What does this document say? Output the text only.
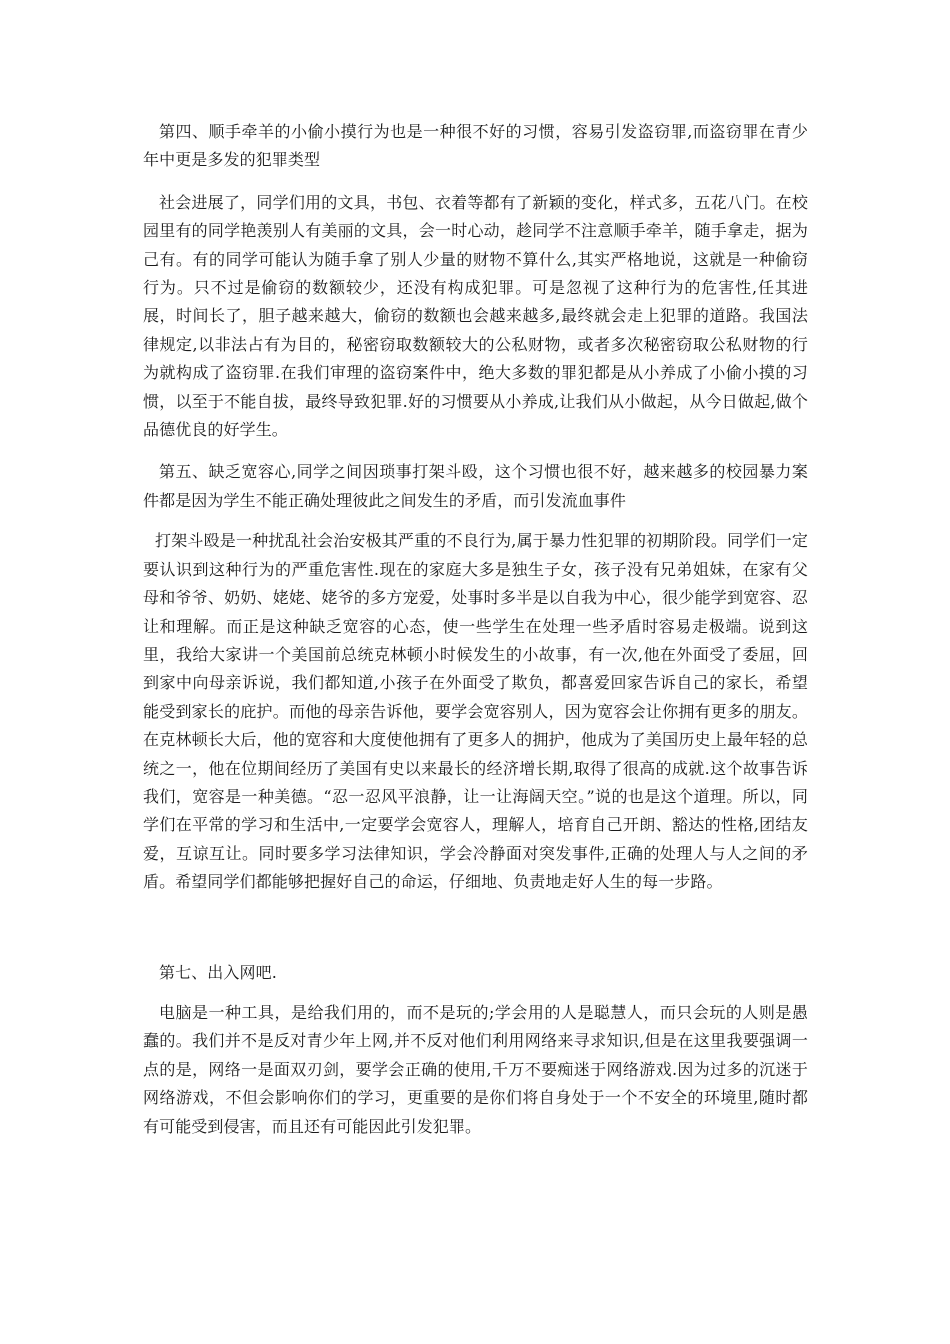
第四、顺手牵羊的小偷小摸行为也是一种很不好的习惯，容易引发盗窃罪,而盗窃罪在青少年中更是多发的犯罪类型

社会进展了，同学们用的文具，书包、衣着等都有了新颖的变化，样式多，五花八门。在校园里有的同学艳羡别人有美丽的文具，会一时心动，趁同学不注意顺手牵羊，随手拿走，据为己有。有的同学可能认为随手拿了别人少量的财物不算什么,其实严格地说，这就是一种偷窃行为。只不过是偷窃的数额较少，还没有构成犯罪。可是忽视了这种行为的危害性,任其进展，时间长了，胆子越来越大，偷窃的数额也会越来越多,最终就会走上犯罪的道路。我国法律规定,以非法占有为目的，秘密窃取数额较大的公私财物，或者多次秘密窃取公私财物的行为就构成了盗窃罪.在我们审理的盗窃案件中，绝大多数的罪犯都是从小养成了小偷小摸的习惯，以至于不能自拔，最终导致犯罪.好的习惯要从小养成,让我们从小做起，从今日做起,做个品德优良的好学生。

第五、缺乏宽容心,同学之间因琐事打架斗殴，这个习惯也很不好，越来越多的校园暴力案件都是因为学生不能正确处理彼此之间发生的矛盾，而引发流血事件

打架斗殴是一种扰乱社会治安极其严重的不良行为,属于暴力性犯罪的初期阶段。同学们一定要认识到这种行为的严重危害性.现在的家庭大多是独生子女，孩子没有兄弟姐妹，在家有父母和爷爷、奶奶、姥姥、姥爷的多方宠爱，处事时多半是以自我为中心，很少能学到宽容、忍让和理解。而正是这种缺乏宽容的心态，使一些学生在处理一些矛盾时容易走极端。说到这里，我给大家讲一个美国前总统克林顿小时候发生的小故事，有一次,他在外面受了委屈，回到家中向母亲诉说，我们都知道,小孩子在外面受了欺负，都喜爱回家告诉自己的家长，希望能受到家长的庇护。而他的母亲告诉他，要学会宽容别人，因为宽容会让你拥有更多的朋友。在克林顿长大后，他的宽容和大度使他拥有了更多人的拥护，他成为了美国历史上最年轻的总统之一，他在位期间经历了美国有史以来最长的经济增长期,取得了很高的成就.这个故事告诉我们，宽容是一种美德。“忍一忍风平浪静，让一让海阔天空。”说的也是这个道理。所以，同学们在平常的学习和生活中,一定要学会宽容人，理解人，培育自己开朗、豁达的性格,团结友爱，互谅互让。同时要多学习法律知识，学会冷静面对突发事件,正确的处理人与人之间的矛盾。希望同学们都能够把握好自己的命运，仔细地、负责地走好人生的每一步路。

第七、出入网吧.

电脑是一种工具，是给我们用的，而不是玩的;学会用的人是聪慧人，而只会玩的人则是愚蠢的。我们并不是反对青少年上网,并不反对他们利用网络来寻求知识,但是在这里我要强调一点的是，网络一是面双刃剑，要学会正确的使用,千万不要痴迷于网络游戏.因为过多的沉迷于网络游戏，不但会影响你们的学习，更重要的是你们将自身处于一个不安全的环境里,随时都有可能受到侵害，而且还有可能因此引发犯罪。
